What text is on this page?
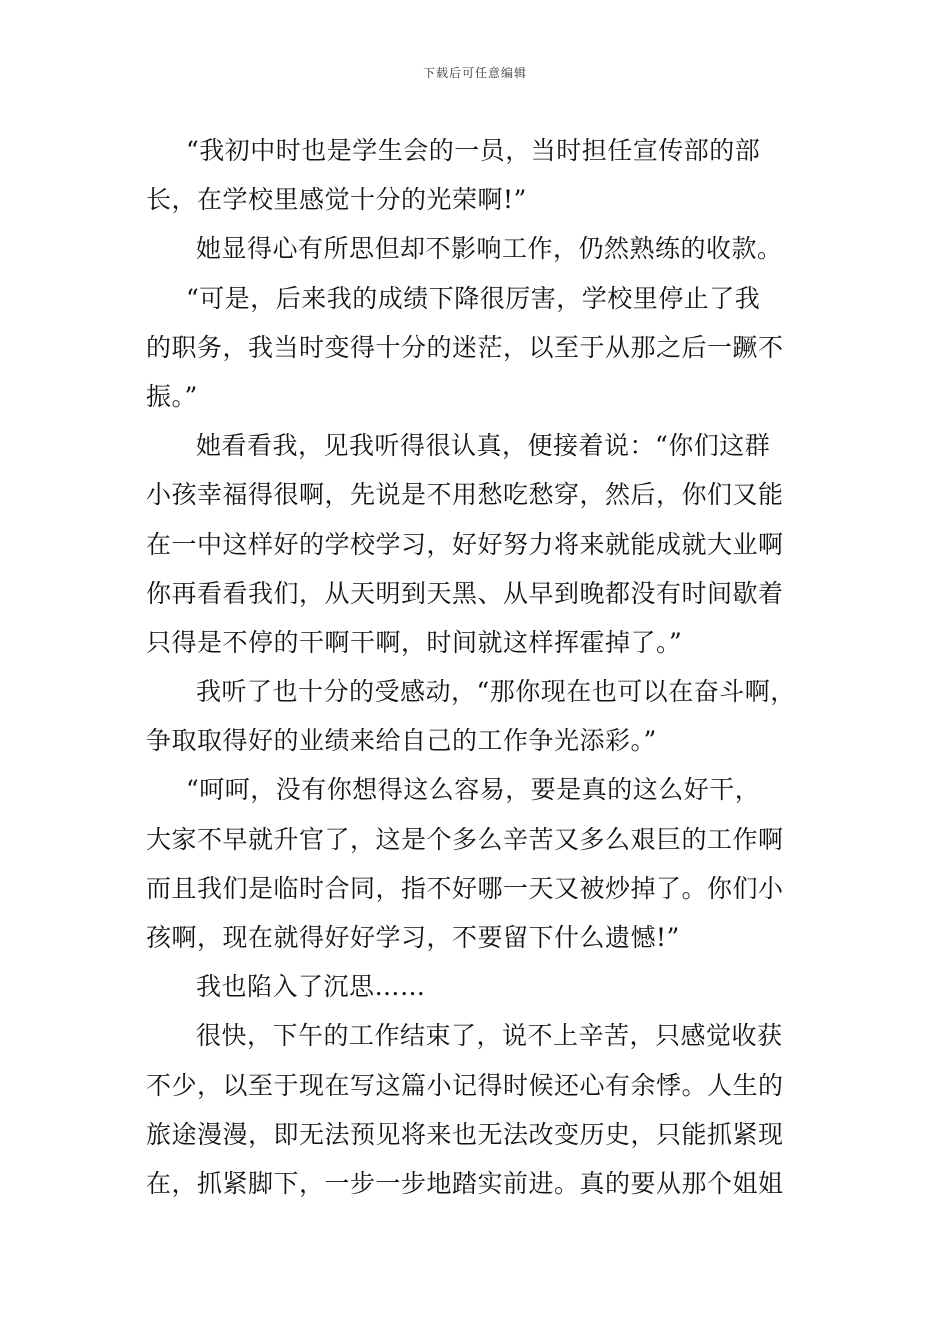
下载后可任意编辑
“我初中时也是学生会的一员，当时担任宣传部的部
长，在学校里感觉十分的光荣啊!”
她显得心有所思但却不影响工作，仍然熟练的收款。
“可是，后来我的成绩下降很厉害，学校里停止了我
的职务，我当时变得十分的迷茫，以至于从那之后一蹶不
振。”
她看看我，见我听得很认真，便接着说：“你们这群
小孩幸福得很啊，先说是不用愁吃愁穿，然后，你们又能
在一中这样好的学校学习，好好努力将来就能成就大业啊
你再看看我们，从天明到天黑、从早到晚都没有时间歇着
只得是不停的干啊干啊，时间就这样挥霍掉了。”
我听了也十分的受感动，“那你现在也可以在奋斗啊，
争取取得好的业绩来给自己的工作争光添彩。”
“呵呵，没有你想得这么容易，要是真的这么好干，
大家不早就升官了，这是个多么辛苦又多么艰巨的工作啊
而且我们是临时合同，指不好哪一天又被炒掉了。你们小
孩啊，现在就得好好学习，不要留下什么遗憾!”
我也陷入了沉思……
很快，下午的工作结束了，说不上辛苦，只感觉收获
不少，以至于现在写这篇小记得时候还心有余悸。人生的
旅途漫漫，即无法预见将来也无法改变历史，只能抓紧现
在，抓紧脚下，一步一步地踏实前进。真的要从那个姐姐
